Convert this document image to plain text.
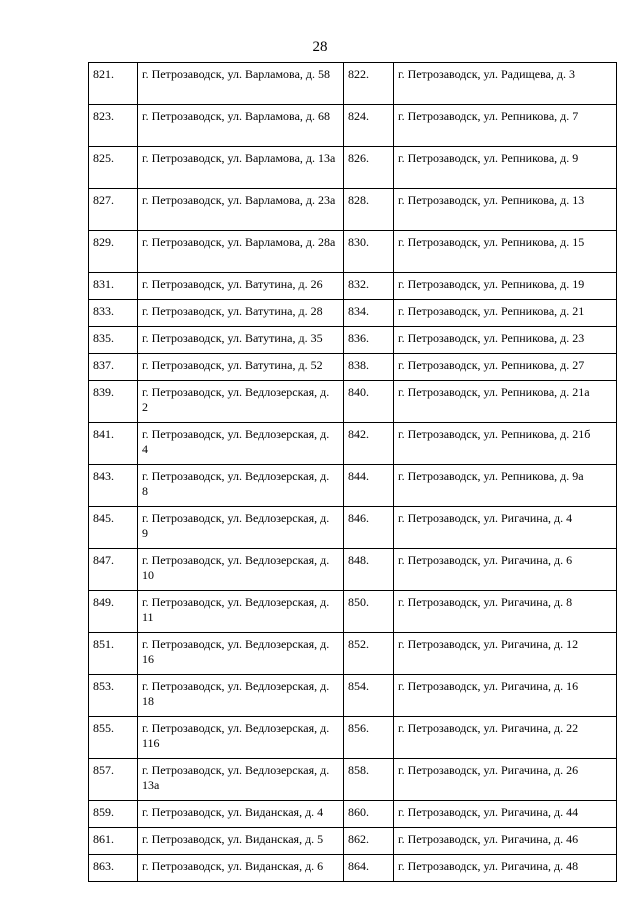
28
821.	г. Петрозаводск, ул. Варламова, д. 58	822.	г. Петрозаводск, ул. Радищева, д. 3
823.	г. Петрозаводск, ул. Варламова, д. 68	824.	г. Петрозаводск, ул. Репникова, д. 7
825.	г. Петрозаводск, ул. Варламова, д. 13а	826.	г. Петрозаводск, ул. Репникова, д. 9
827.	г. Петрозаводск, ул. Варламова, д. 23а	828.	г. Петрозаводск, ул. Репникова, д. 13
829.	г. Петрозаводск, ул. Варламова, д. 28а	830.	г. Петрозаводск, ул. Репникова, д. 15
831.	г. Петрозаводск, ул. Ватутина, д. 26	832.	г. Петрозаводск, ул. Репникова, д. 19
833.	г. Петрозаводск, ул. Ватутина, д. 28	834.	г. Петрозаводск, ул. Репникова, д. 21
835.	г. Петрозаводск, ул. Ватутина, д. 35	836.	г. Петрозаводск, ул. Репникова, д. 23
837.	г. Петрозаводск, ул. Ватутина, д. 52	838.	г. Петрозаводск, ул. Репникова, д. 27
839.	г. Петрозаводск, ул. Ведлозерская, д. 2	840.	г. Петрозаводск, ул. Репникова, д. 21а
841.	г. Петрозаводск, ул. Ведлозерская, д. 4	842.	г. Петрозаводск, ул. Репникова, д. 21б
843.	г. Петрозаводск, ул. Ведлозерская, д. 8	844.	г. Петрозаводск, ул. Репникова, д. 9а
845.	г. Петрозаводск, ул. Ведлозерская, д. 9	846.	г. Петрозаводск, ул. Ригачина, д. 4
847.	г. Петрозаводск, ул. Ведлозерская, д. 10	848.	г. Петрозаводск, ул. Ригачина, д. 6
849.	г. Петрозаводск, ул. Ведлозерская, д. 11	850.	г. Петрозаводск, ул. Ригачина, д. 8
851.	г. Петрозаводск, ул. Ведлозерская, д. 16	852.	г. Петрозаводск, ул. Ригачина, д. 12
853.	г. Петрозаводск, ул. Ведлозерская, д. 18	854.	г. Петрозаводск, ул. Ригачина, д. 16
855.	г. Петрозаводск, ул. Ведлозерская, д. 116	856.	г. Петрозаводск, ул. Ригачина, д. 22
857.	г. Петрозаводск, ул. Ведлозерская, д. 13а	858.	г. Петрозаводск, ул. Ригачина, д. 26
859.	г. Петрозаводск, ул. Виданская, д. 4	860.	г. Петрозаводск, ул. Ригачина, д. 44
861.	г. Петрозаводск, ул. Виданская, д. 5	862.	г. Петрозаводск, ул. Ригачина, д. 46
863.	г. Петрозаводск, ул. Виданская, д. 6	864.	г. Петрозаводск, ул. Ригачина, д. 48
